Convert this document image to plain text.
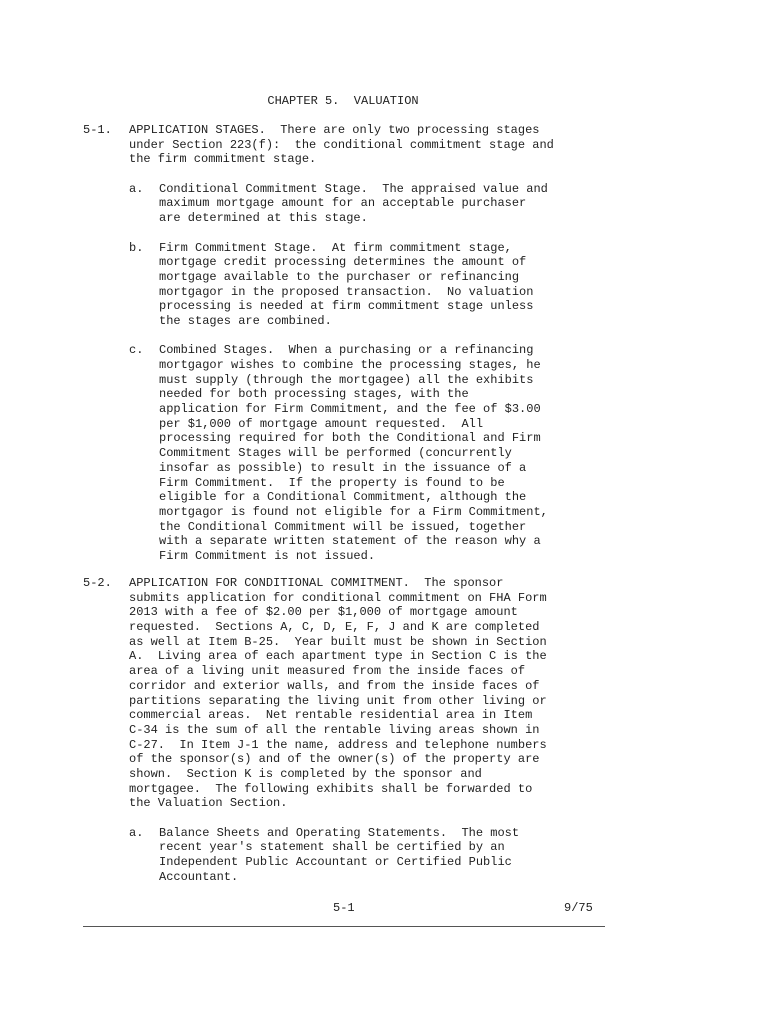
CHAPTER 5.  VALUATION
5-1.	APPLICATION STAGES.  There are only two processing stages
under Section 223(f):  the conditional commitment stage and
the firm commitment stage.
a.	Conditional Commitment Stage.  The appraised value and
maximum mortgage amount for an acceptable purchaser
are determined at this stage.
b.	Firm Commitment Stage.  At firm commitment stage,
mortgage credit processing determines the amount of
mortgage available to the purchaser or refinancing
mortgagor in the proposed transaction.  No valuation
processing is needed at firm commitment stage unless
the stages are combined.
c.	Combined Stages.  When a purchasing or a refinancing
mortgagor wishes to combine the processing stages, he
must supply (through the mortgagee) all the exhibits
needed for both processing stages, with the
application for Firm Commitment, and the fee of $3.00
per $1,000 of mortgage amount requested.  All
processing required for both the Conditional and Firm
Commitment Stages will be performed (concurrently
insofar as possible) to result in the issuance of a
Firm Commitment.  If the property is found to be
eligible for a Conditional Commitment, although the
mortgagor is found not eligible for a Firm Commitment,
the Conditional Commitment will be issued, together
with a separate written statement of the reason why a
Firm Commitment is not issued.
5-2.	APPLICATION FOR CONDITIONAL COMMITMENT.  The sponsor
submits application for conditional commitment on FHA Form
2013 with a fee of $2.00 per $1,000 of mortgage amount
requested.  Sections A, C, D, E, F, J and K are completed
as well at Item B-25.  Year built must be shown in Section
A.  Living area of each apartment type in Section C is the
area of a living unit measured from the inside faces of
corridor and exterior walls, and from the inside faces of
partitions separating the living unit from other living or
commercial areas.  Net rentable residential area in Item
C-34 is the sum of all the rentable living areas shown in
C-27.  In Item J-1 the name, address and telephone numbers
of the sponsor(s) and of the owner(s) of the property are
shown.  Section K is completed by the sponsor and
mortgagee.  The following exhibits shall be forwarded to
the Valuation Section.
a.	Balance Sheets and Operating Statements.  The most
recent year's statement shall be certified by an
Independent Public Accountant or Certified Public
Accountant.
5-1	9/75
